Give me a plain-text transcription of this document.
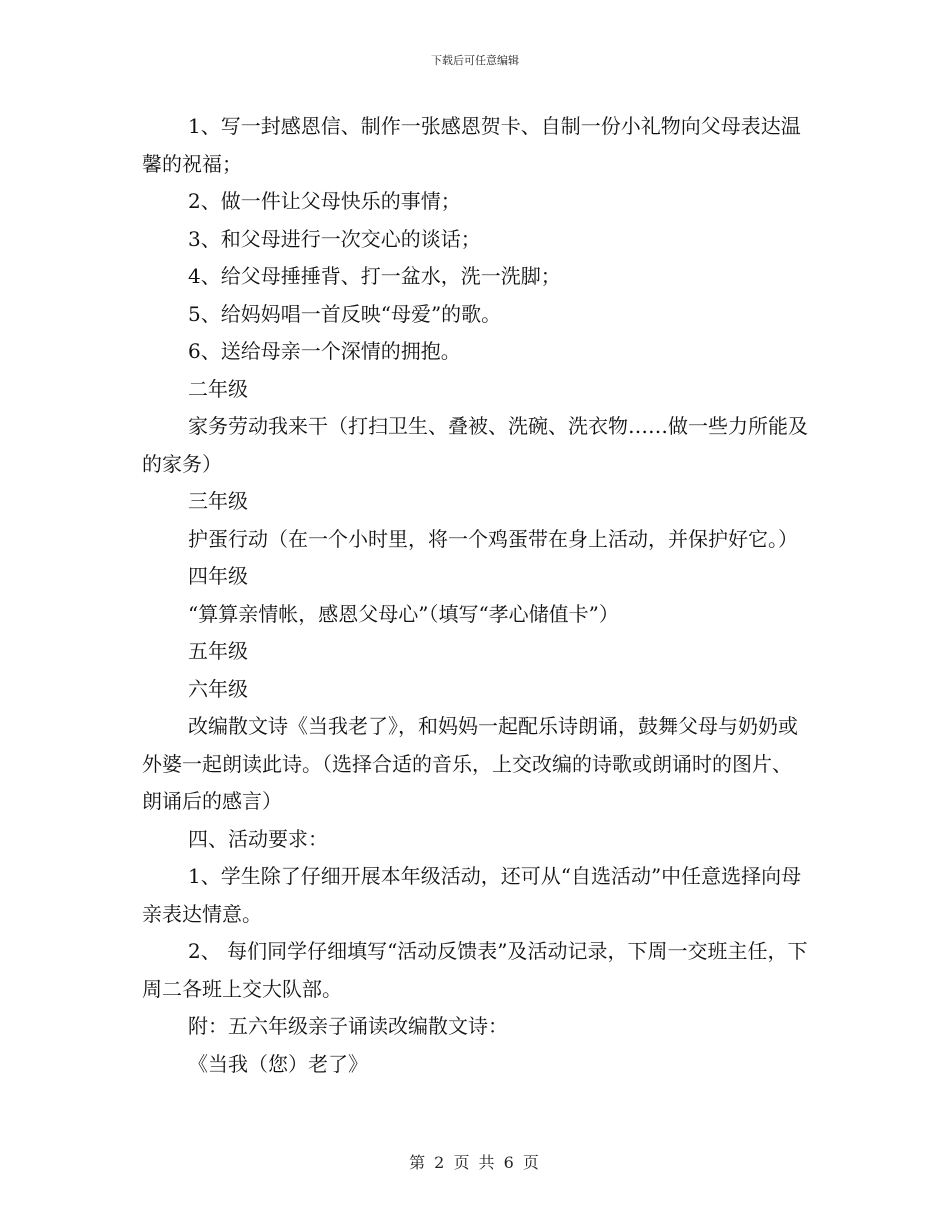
下载后可任意编辑

1、写一封感恩信、制作一张感恩贺卡、自制一份小礼物向父母表达温馨的祝福；

2、做一件让父母快乐的事情；

3、和父母进行一次交心的谈话；

4、给父母捶捶背、打一盆水，洗一洗脚；

5、给妈妈唱一首反映“母爱”的歌。

6、送给母亲一个深情的拥抱。

二年级

家务劳动我来干（打扫卫生、叠被、洗碗、洗衣物……做一些力所能及的家务）

三年级

护蛋行动（在一个小时里，将一个鸡蛋带在身上活动，并保护好它。）

四年级

“算算亲情帐，感恩父母心”（填写“孝心储值卡”）

五年级

六年级

改编散文诗《当我老了》，和妈妈一起配乐诗朗诵，鼓舞父母与奶奶或外婆一起朗读此诗。（选择合适的音乐，上交改编的诗歌或朗诵时的图片、朗诵后的感言）

四、活动要求：

1、学生除了仔细开展本年级活动，还可从“自选活动”中任意选择向母亲表达情意。

2、 每们同学仔细填写“活动反馈表”及活动记录，下周一交班主任，下周二各班上交大队部。

附：五六年级亲子诵读改编散文诗：

《当我（您）老了》

第 2 页 共 6 页
